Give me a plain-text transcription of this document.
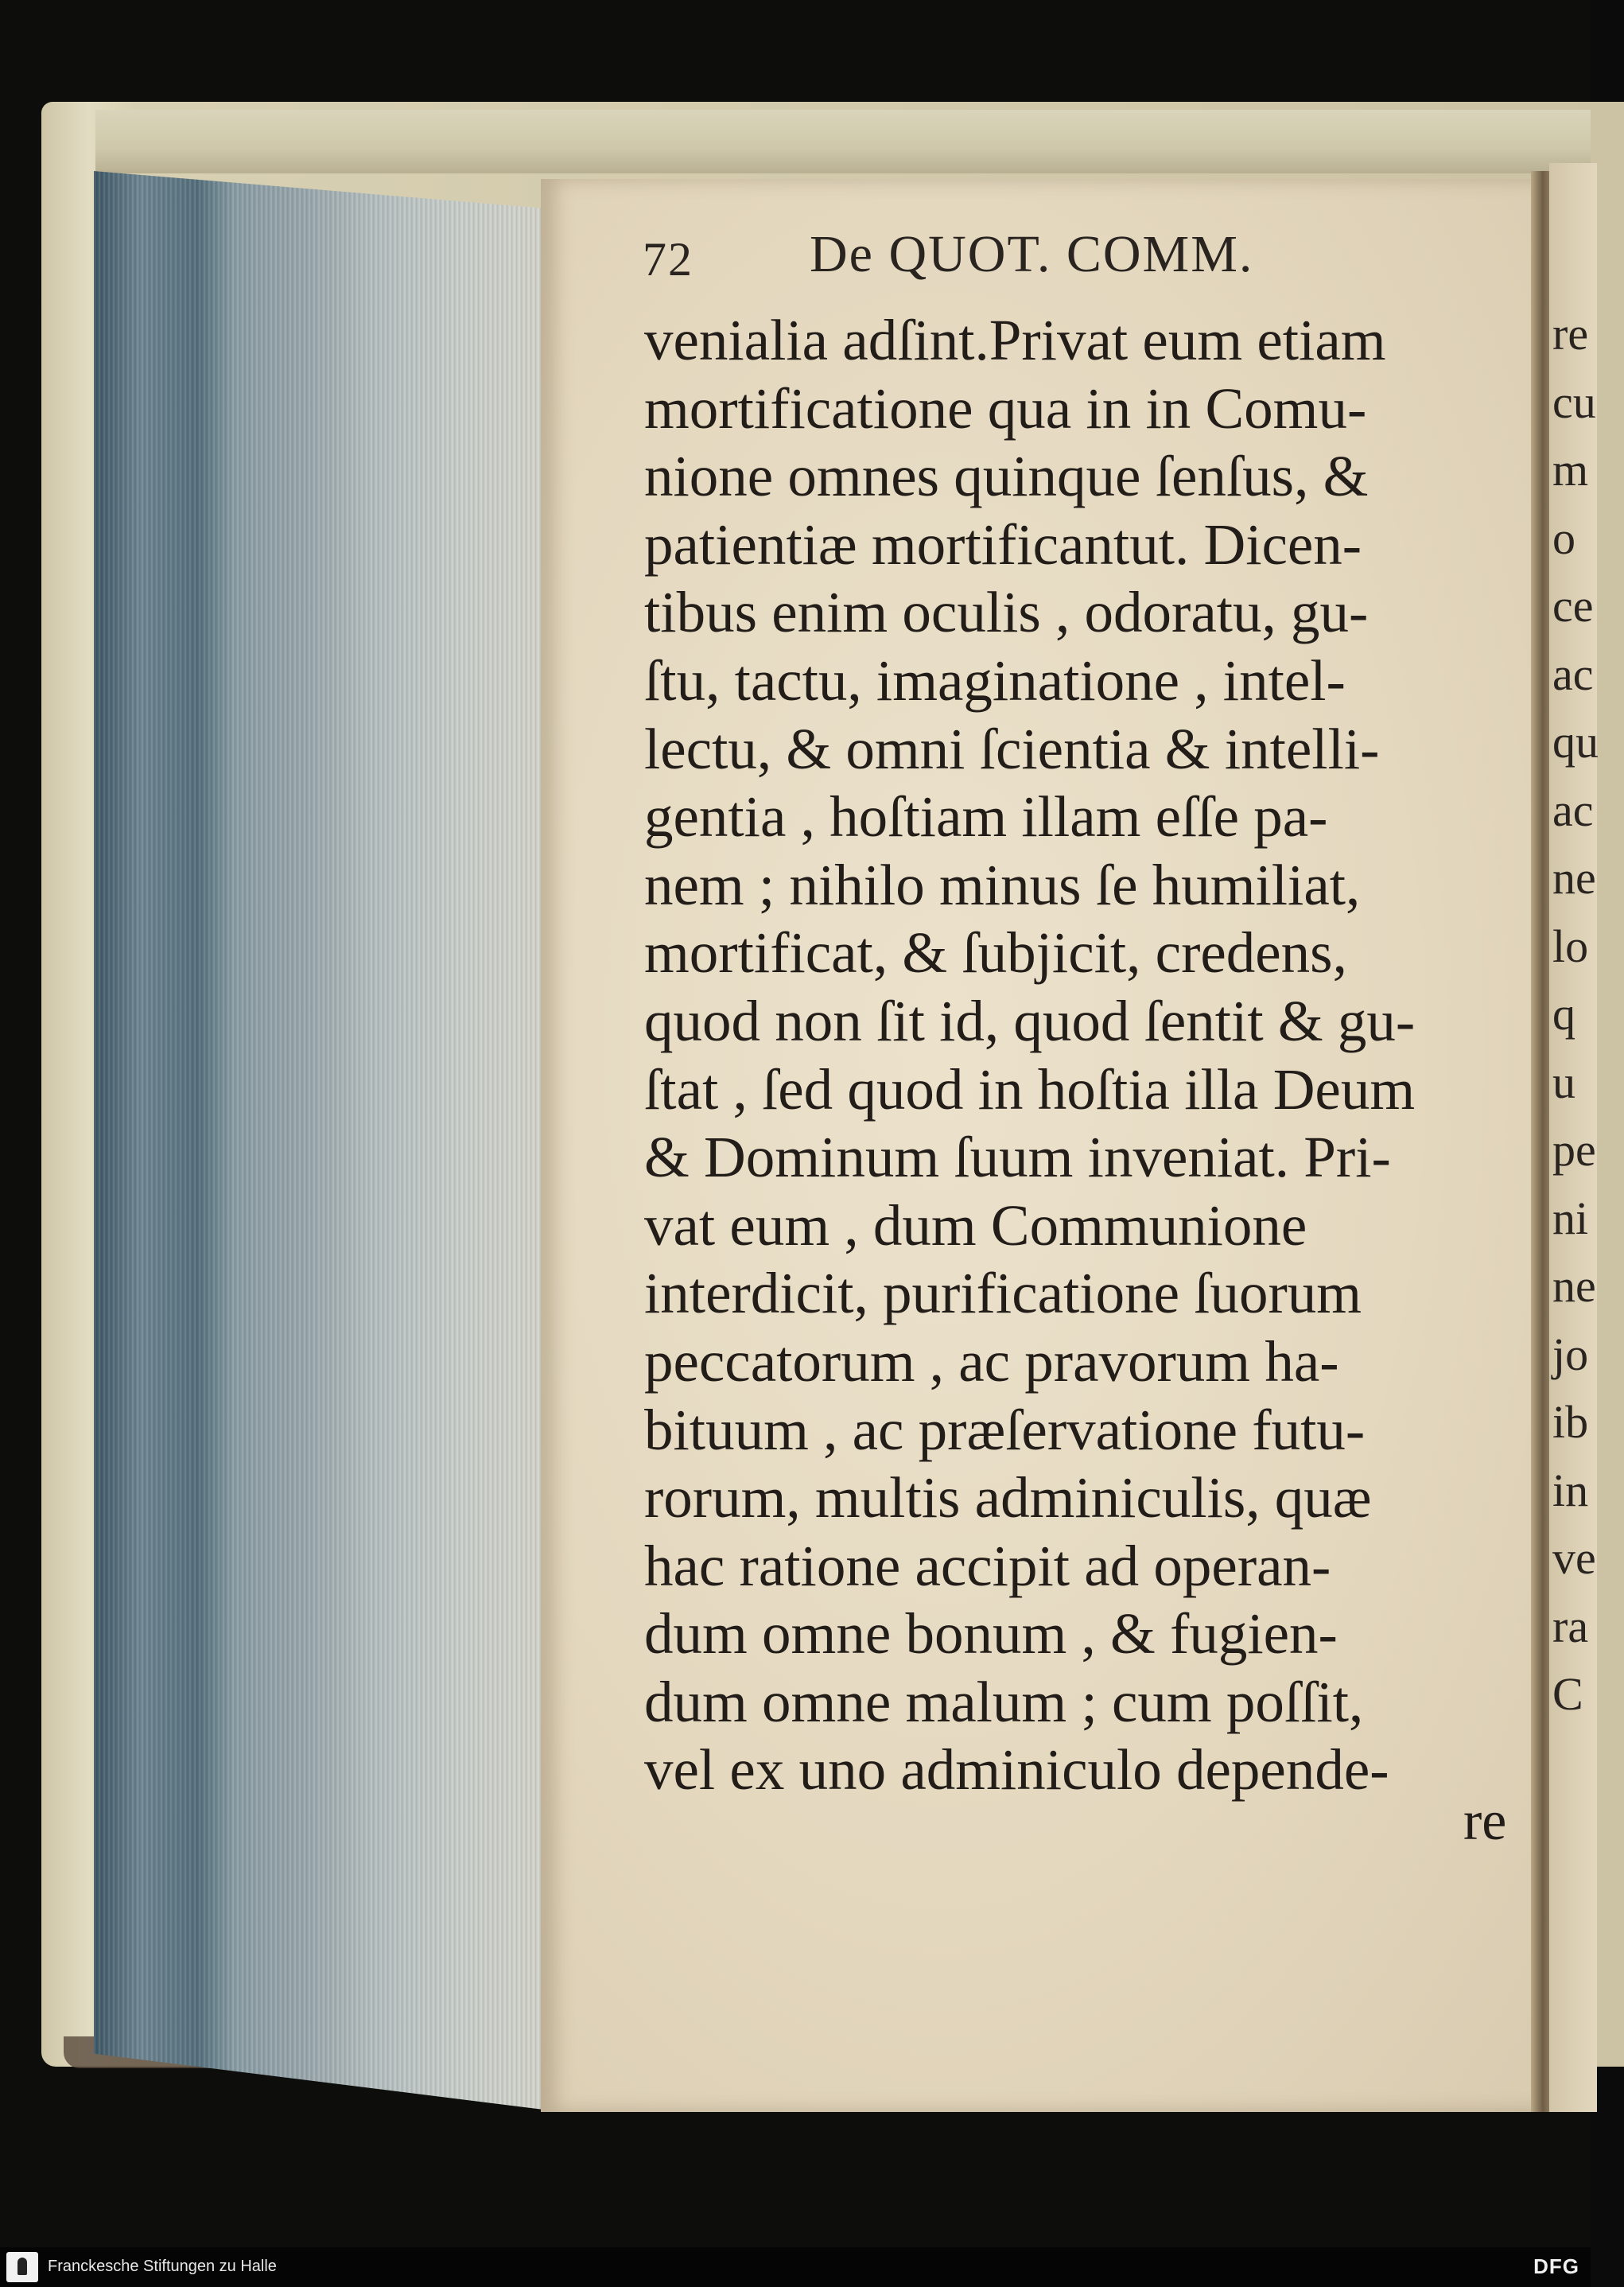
re
cu
m
o
ce
ac
qu
ac
ne
lo
q
u
pe
ni
ne
jo
ib
in
ve
ra
C
72 De QUOT. COMM.
venialia adſint.Privat eum etiam
mortificatione qua in in Comu-
nione omnes quinque ſenſus, &
patientiæ mortificantut. Dicen-
tibus enim oculis , odoratu, gu-
ſtu, tactu, imaginatione , intel-
lectu, & omni ſcientia & intelli-
gentia , hoſtiam illam eſſe pa-
nem ; nihilo minus ſe humiliat,
mortificat, & ſubjicit, credens,
quod non ſit id, quod ſentit & gu-
ſtat , ſed quod in hoſtia illa Deum
& Dominum ſuum inveniat. Pri-
vat eum , dum Communione
interdicit, purificatione ſuorum
peccatorum , ac pravorum ha-
bituum , ac præſervatione futu-
rorum, multis adminiculis, quæ
hac ratione accipit ad operan-
dum omne bonum , & fugien-
dum omne malum ; cum poſſit,
vel ex uno adminiculo depende-
re
Franckesche Stiftungen zu Halle	DFG
